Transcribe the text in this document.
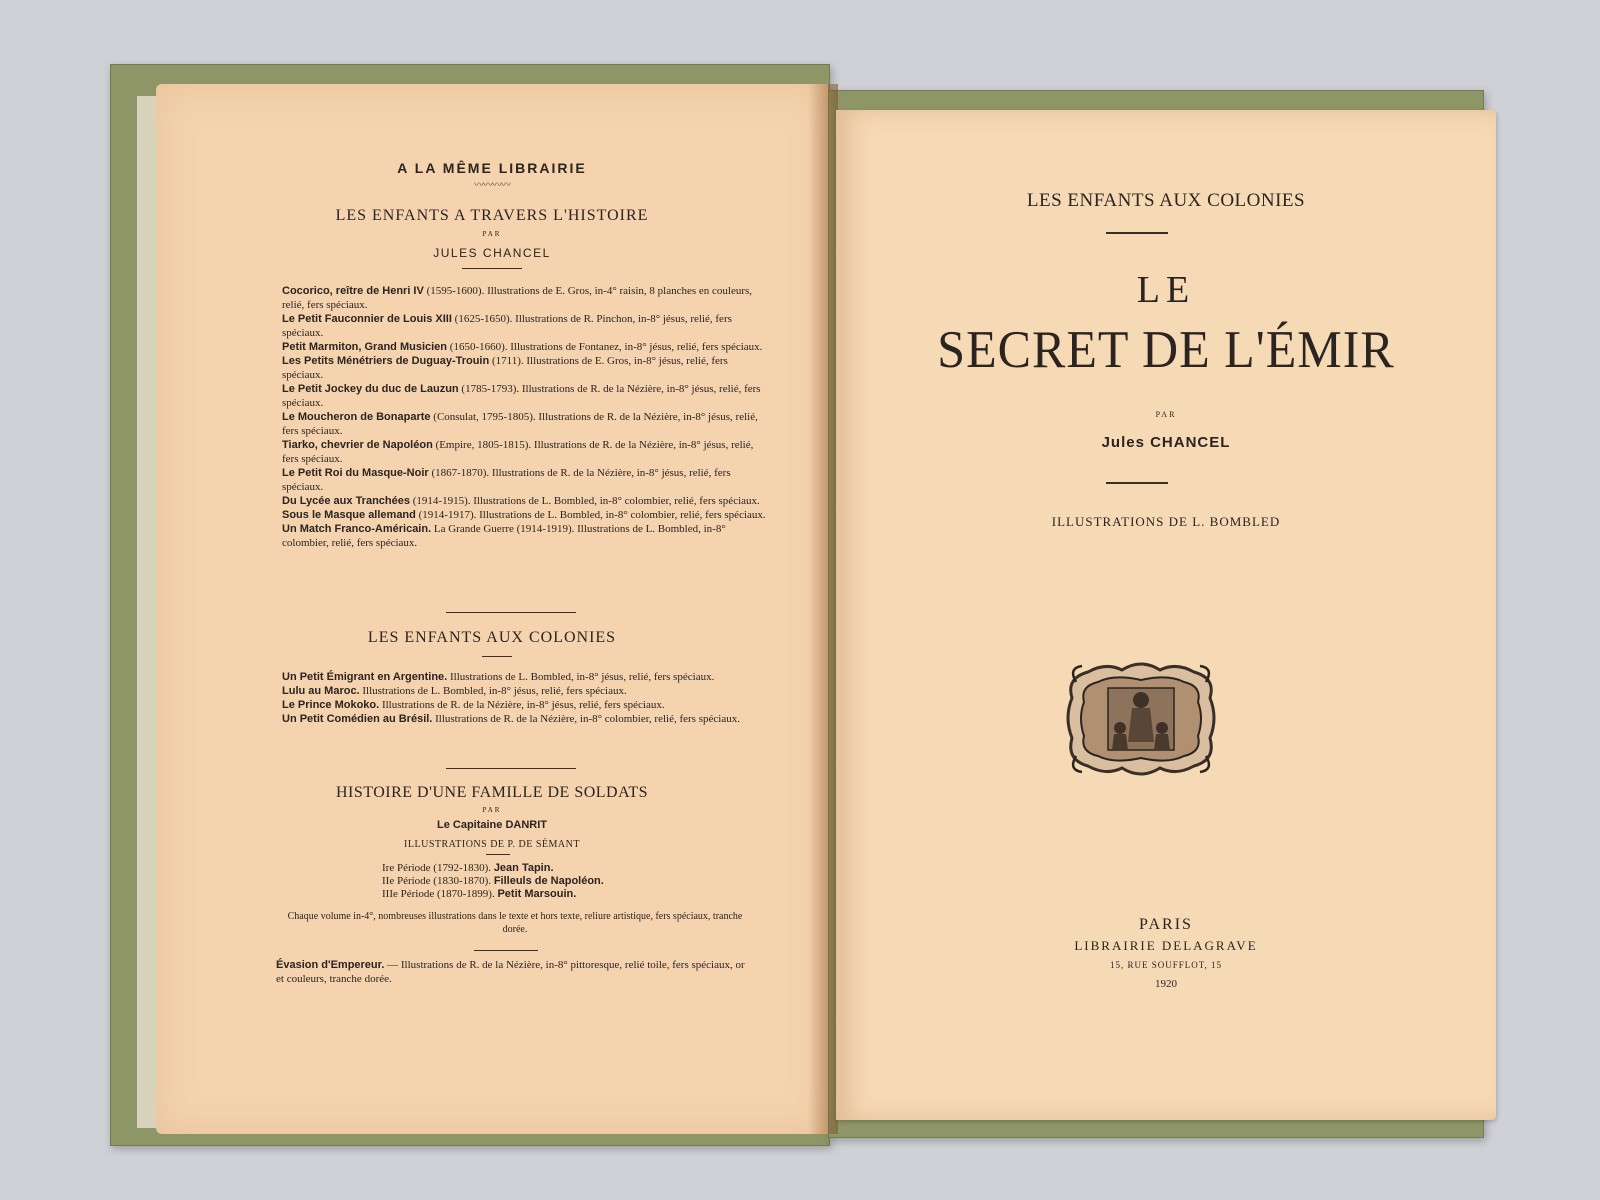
A LA MÊME LIBRAIRIE
〰〰〰〰
LES ENFANTS A TRAVERS L'HISTOIRE
PAR
JULES CHANCEL
Cocorico, reître de Henri IV (1595-1600). Illustrations de E. Gros, in-4° raisin, 8 planches en couleurs, relié, fers spéciaux.
Le Petit Fauconnier de Louis XIII (1625-1650). Illustrations de R. Pinchon, in-8° jésus, relié, fers spéciaux.
Petit Marmiton, Grand Musicien (1650-1660). Illustrations de Fontanez, in-8° jésus, relié, fers spéciaux.
Les Petits Ménétriers de Duguay-Trouin (1711). Illustrations de E. Gros, in-8° jésus, relié, fers spéciaux.
Le Petit Jockey du duc de Lauzun (1785-1793). Illustrations de R. de la Nézière, in-8° jésus, relié, fers spéciaux.
Le Moucheron de Bonaparte (Consulat, 1795-1805). Illustrations de R. de la Nézière, in-8° jésus, relié, fers spéciaux.
Tiarko, chevrier de Napoléon (Empire, 1805-1815). Illustrations de R. de la Nézière, in-8° jésus, relié, fers spéciaux.
Le Petit Roi du Masque-Noir (1867-1870). Illustrations de R. de la Nézière, in-8° jésus, relié, fers spéciaux.
Du Lycée aux Tranchées (1914-1915). Illustrations de L. Bombled, in-8° colombier, relié, fers spéciaux.
Sous le Masque allemand (1914-1917). Illustrations de L. Bombled, in-8° colombier, relié, fers spéciaux.
Un Match Franco-Américain. La Grande Guerre (1914-1919). Illustrations de L. Bombled, in-8° colombier, relié, fers spéciaux.
LES ENFANTS AUX COLONIES
Un Petit Émigrant en Argentine. Illustrations de L. Bombled, in-8° jésus, relié, fers spéciaux.
Lulu au Maroc. Illustrations de L. Bombled, in-8° jésus, relié, fers spéciaux.
Le Prince Mokoko. Illustrations de R. de la Nézière, in-8° jésus, relié, fers spéciaux.
Un Petit Comédien au Brésil. Illustrations de R. de la Nézière, in-8° colombier, relié, fers spéciaux.
HISTOIRE D'UNE FAMILLE DE SOLDATS
PAR
Le Capitaine DANRIT
ILLUSTRATIONS DE P. DE SÉMANT
Ire Période (1792-1830). Jean Tapin.
IIe Période (1830-1870). Filleuls de Napoléon.
IIIe Période (1870-1899). Petit Marsouin.
Chaque volume in-4°, nombreuses illustrations dans le texte et hors texte, reliure artistique, fers spéciaux, tranche dorée.
Évasion d'Empereur. — Illustrations de R. de la Nézière, in-8° pittoresque, relié toile, fers spéciaux, or et couleurs, tranche dorée.
LES ENFANTS AUX COLONIES
LE
SECRET DE L'ÉMIR
PAR
Jules CHANCEL
ILLUSTRATIONS DE L. BOMBLED
PARIS
LIBRAIRIE DELAGRAVE
15, RUE SOUFFLOT, 15
1920
